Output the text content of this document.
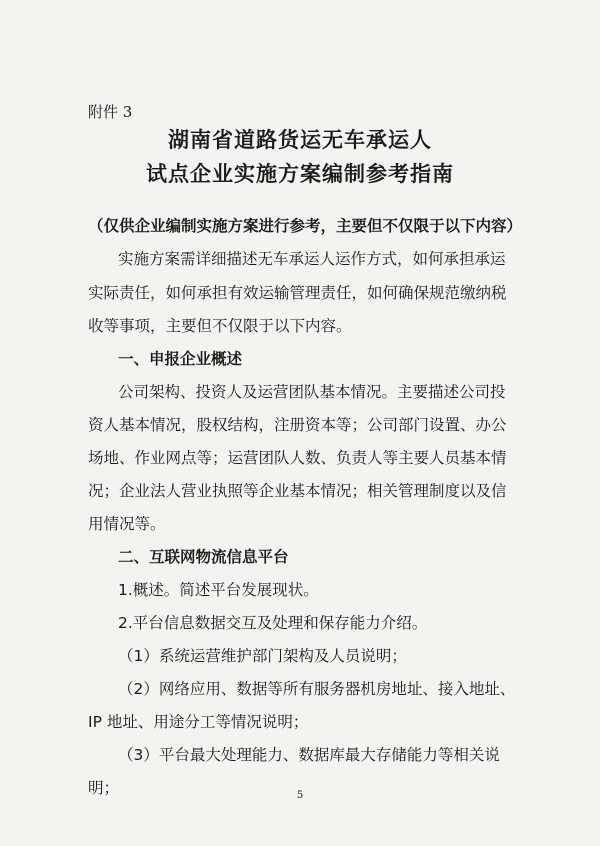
附件 3
湖南省道路货运无车承运人
试点企业实施方案编制参考指南
（仅供企业编制实施方案进行参考，主要但不仅限于以下内容）
实施方案需详细描述无车承运人运作方式，如何承担承运
实际责任，如何承担有效运输管理责任，如何确保规范缴纳税
收等事项，主要但不仅限于以下内容。
一、申报企业概述
公司架构、投资人及运营团队基本情况。主要描述公司投
资人基本情况，股权结构，注册资本等；公司部门设置、办公
场地、作业网点等；运营团队人数、负责人等主要人员基本情
况；企业法人营业执照等企业基本情况；相关管理制度以及信
用情况等。
二、互联网物流信息平台
1.概述。简述平台发展现状。
2.平台信息数据交互及处理和保存能力介绍。
（1）系统运营维护部门架构及人员说明；
（2）网络应用、数据等所有服务器机房地址、接入地址、
IP 地址、用途分工等情况说明；
（3）平台最大处理能力、数据库最大存储能力等相关说
明；	5
